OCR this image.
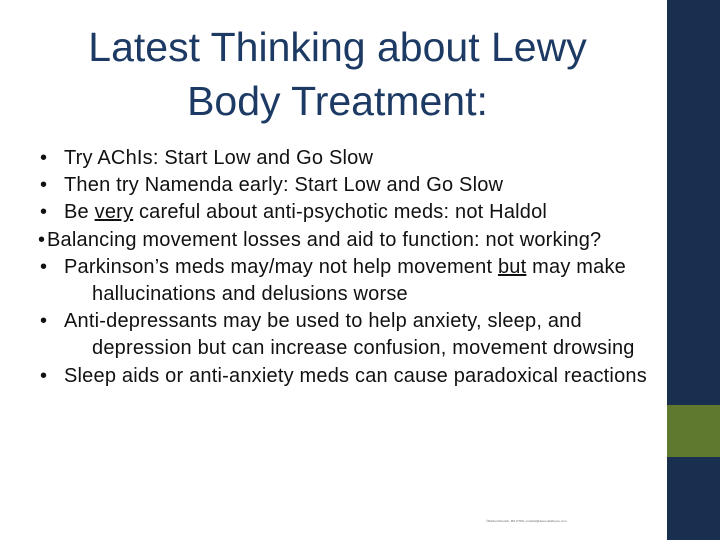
Latest Thinking about Lewy
Body Treatment:
• Try AChIs: Start Low and Go Slow
• Then try Namenda early: Start Low and Go Slow
• Be very careful about anti-psychotic meds: not Haldol
•Balancing movement losses and aid to function: not working?
• Parkinson’s meds may/may not help movement but may make hallucinations and delusions worse
• Anti-depressants may be used to help anxiety, sleep, and depression but can increase confusion, movement drowsing
• Sleep aids or anti-anxiety meds can cause paradoxical reactions
©Rachel Resnick, MS OTR/L mrachel@dementiaforyou.com
